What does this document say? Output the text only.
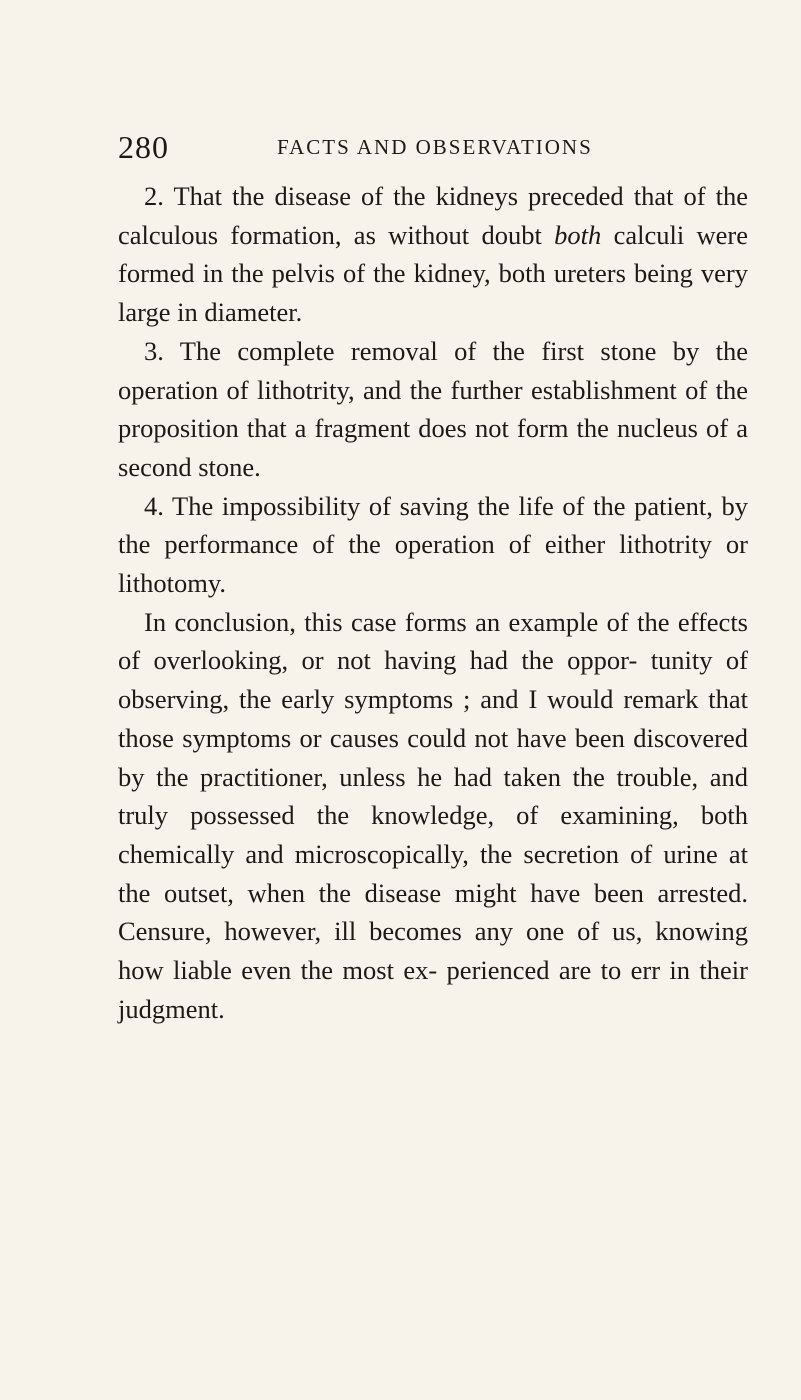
280	FACTS AND OBSERVATIONS

2. That the disease of the kidneys preceded that of the calculous formation, as without doubt both calculi were formed in the pelvis of the kidney, both ureters being very large in diameter.

3. The complete removal of the first stone by the operation of lithotrity, and the further establishment of the proposition that a fragment does not form the nucleus of a second stone.

4. The impossibility of saving the life of the patient, by the performance of the operation of either lithotrity or lithotomy.

In conclusion, this case forms an example of the effects of overlooking, or not having had the oppor- tunity of observing, the early symptoms ; and I would remark that those symptoms or causes could not have been discovered by the practitioner, unless he had taken the trouble, and truly possessed the knowledge, of examining, both chemically and microscopically, the secretion of urine at the outset, when the disease might have been arrested. Censure, however, ill becomes any one of us, knowing how liable even the most ex- perienced are to err in their judgment.
